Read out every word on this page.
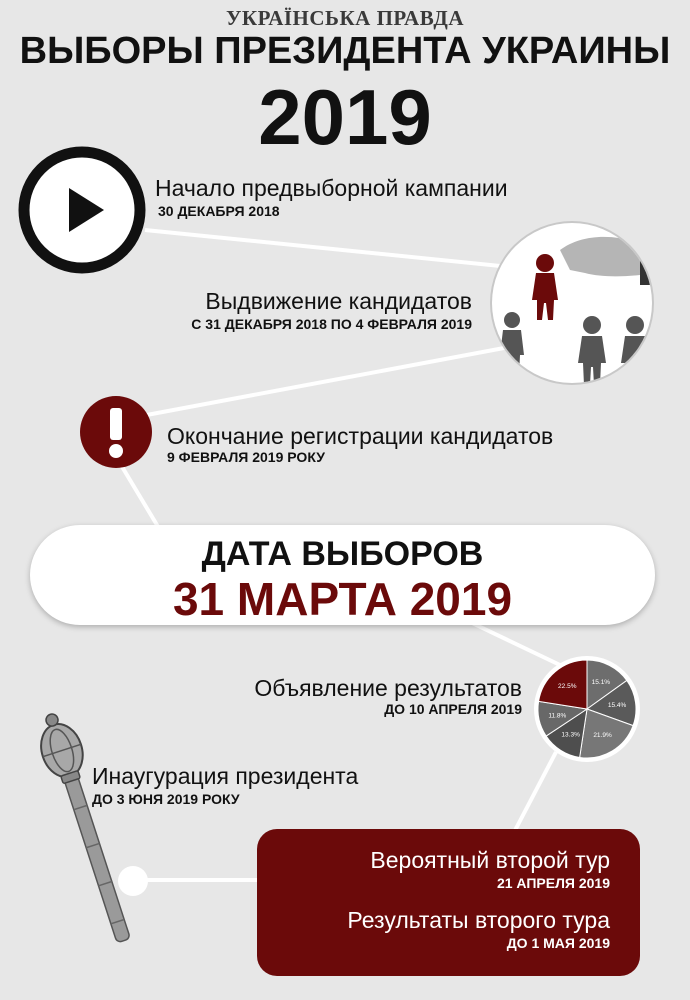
УКРАЇНСЬКА ПРАВДА
ВЫБОРЫ ПРЕЗИДЕНТА УКРАИНЫ
2019
Начало предвыборной кампании
30 ДЕКАБРЯ 2018
Выдвижение кандидатов
С 31 ДЕКАБРЯ 2018 ПО 4 ФЕВРАЛЯ 2019
Окончание регистрации кандидатов
9 ФЕВРАЛЯ 2019 РОКУ
ДАТА ВЫБОРОВ
31 МАРТА 2019
15.1%
15.4%
21.9%
13.3%
11.8%
22.5%
Объявление результатов
ДО 10 АПРЕЛЯ 2019
Инаугурация президента
ДО 3 ЮНЯ 2019 РОКУ
Вероятный второй тур
21 АПРЕЛЯ 2019
Результаты второго тура
ДО 1 МАЯ 2019
